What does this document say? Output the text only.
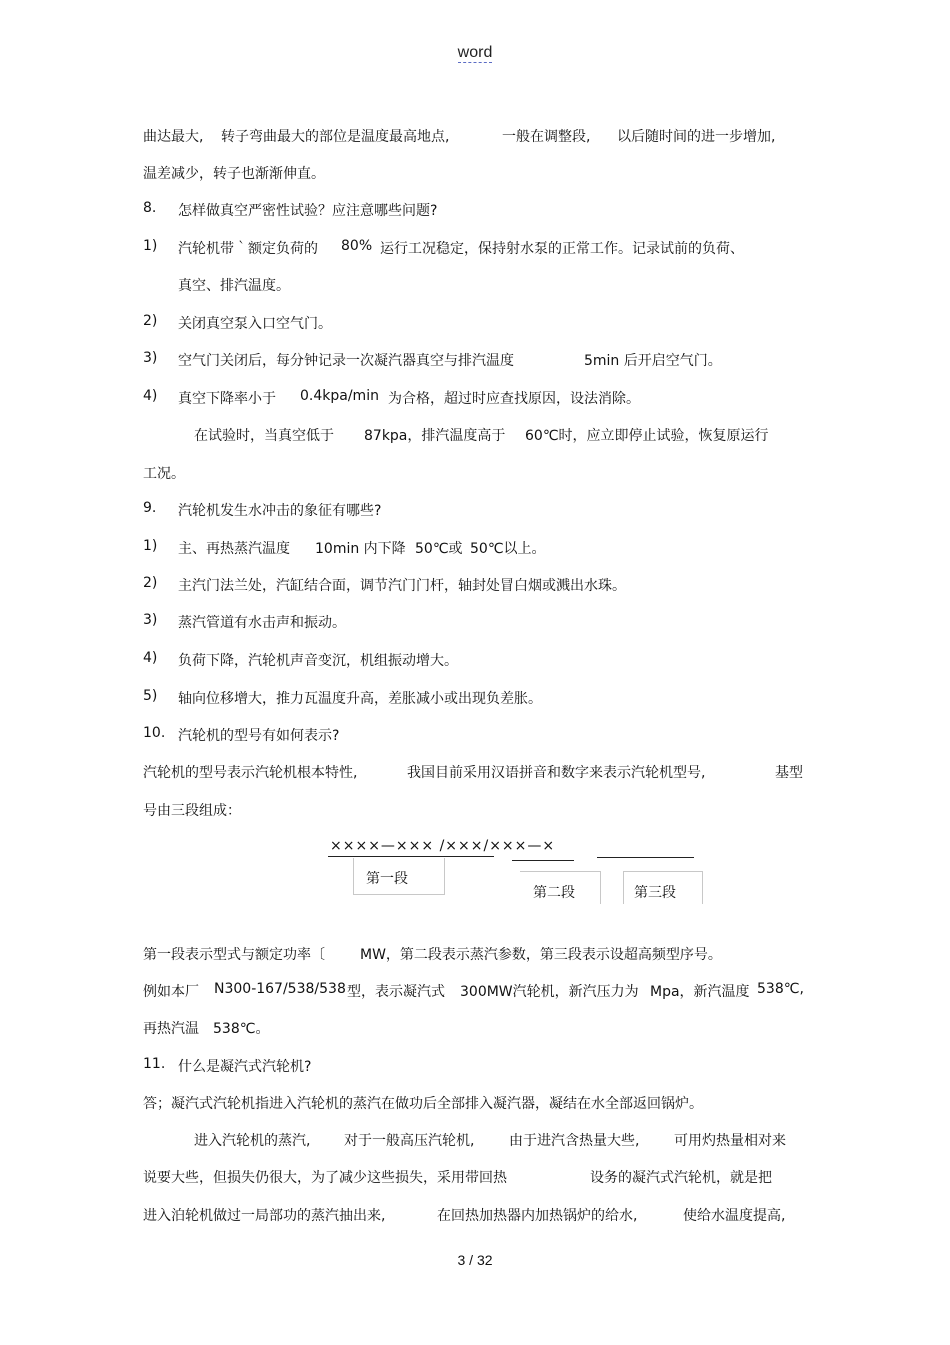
word
曲达最大, 转子弯曲最大的部位是温度最高地点,	一般在调整段, 以后随时间的进一步增加,
温差减少，转子也渐渐伸直。
8. 怎样做真空严密性试验？应注意哪些问题?
1) 汽轮机带｀额定负荷的 80% 运行工况稳定，保持射水泵的正常工作。记录试前的负荷、
真空、排汽温度。
2) 关闭真空泵入口空气门。
3) 空气门关闭后，每分钟记录一次凝汽器真空与排汽温度	5min 后开启空气门。
4) 真空下降率小于 0.4kpa/min 为合格，超过时应查找原因，设法消除。
在试验时，当真空低于 87kpa，排汽温度高于 60℃时，应立即停止试验，恢复原运行
工况。
9. 汽轮机发生水冲击的象征有哪些?
1) 主、再热蒸汽温度 10min 内下降 50℃或 50℃以上。
2) 主汽门法兰处，汽缸结合面，调节汽门门杆，轴封处冒白烟或溅出水珠。
3) 蒸汽管道有水击声和振动。
4) 负荷下降，汽轮机声音变沉，机组振动增大。
5) 轴向位移增大，推力瓦温度升高，差胀减小或出现负差胀。
10. 汽轮机的型号有如何表示?
汽轮机的型号表示汽轮机根本特性,	我国目前采用汉语拼音和数字来表示汽轮机型号,	基型
号由三段组成：
××××—××× /×××/×××—×
第一段
第二段	第三段
第一段表示型式与额定功率〔	MW，第二段表示蒸汽参数，第三段表示设超高频型序号。
例如本厂 N300-167/538/538 型，表示凝汽式 300MW汽轮机，新汽压力为 Mpa，新汽温度 538℃,
再热汽温　538℃。
11. 什么是凝汽式汽轮机?
答；凝汽式汽轮机指进入汽轮机的蒸汽在做功后全部排入凝汽器，凝结在水全部返回锅炉。
进入汽轮机的蒸汽, 对于一般高压汽轮机, 由于进汽含热量大些, 可用灼热量相对来
说要大些，但损失仍很大，为了减少这些损失，采用带回热	设务的凝汽式汽轮机，就是把
进入泊轮机做过一局部功的蒸汽抽出来,	在回热加热器内加热锅炉的给水,	使给水温度提高,
3 / 32
